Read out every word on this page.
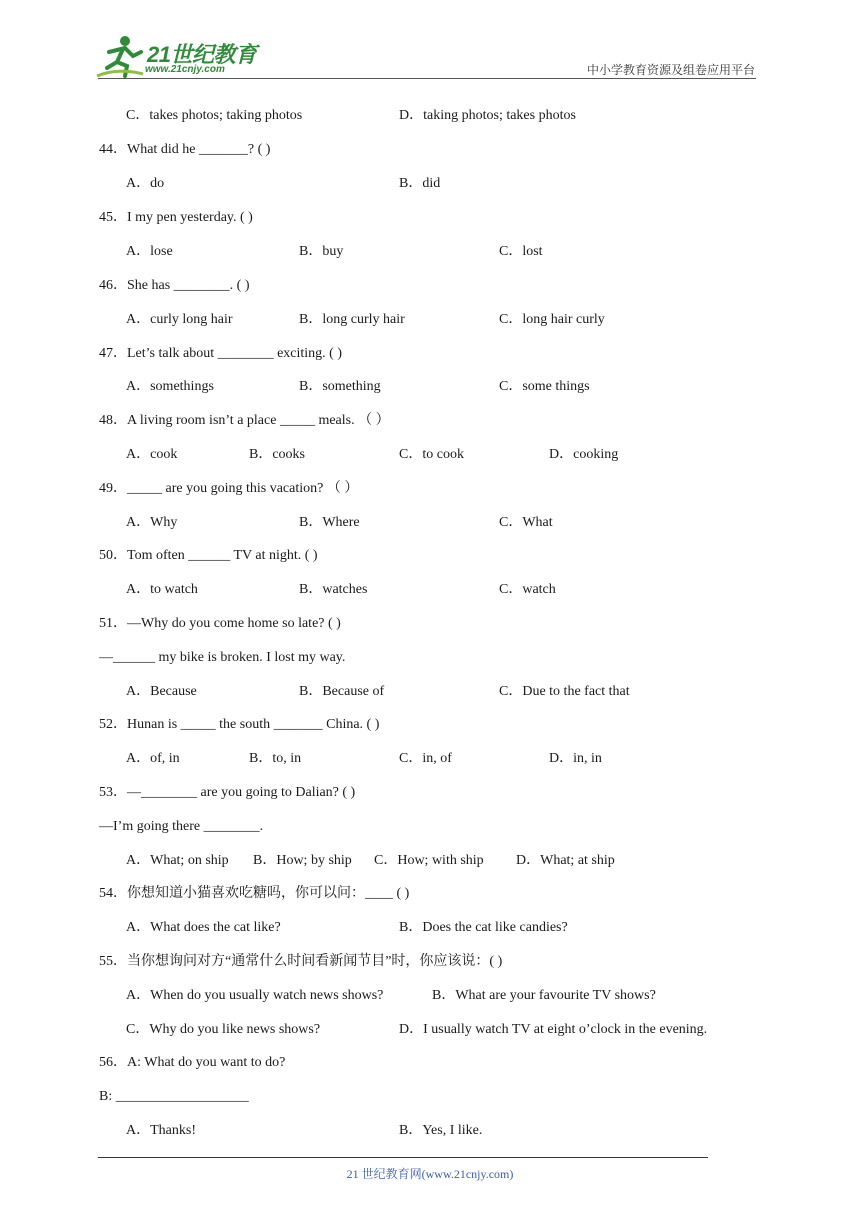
21世纪教育
www.21cnjy.com	中小学教育资源及组卷应用平台
C．takes photos; taking photos	D．taking photos; takes photos
44．What did he _______? ( )
A．do	B．did
45．I my pen yesterday. ( )
A．lose	B．buy	C．lost
46．She has ________. ( )
A．curly long hair	B．long curly hair	C．long hair curly
47．Let’s talk about ________ exciting. ( )
A．somethings	B．something	C．some things
48．A living room isn’t a place _____ meals. （ ）
A．cook	B．cooks	C．to cook	D．cooking
49．_____ are you going this vacation? （ ）
A．Why	B．Where	C．What
50．Tom often ______ TV at night. ( )
A．to watch	B．watches	C．watch
51．—Why do you come home so late? ( )
—______ my bike is broken. I lost my way.
A．Because	B．Because of	C．Due to the fact that
52．Hunan is _____ the south _______ China. ( )
A．of, in	B．to, in	C．in, of	D．in, in
53．—________ are you going to Dalian? ( )
—I’m going there ________.
A．What; on ship B．How; by ship C．How; with ship D．What; at ship
54．你想知道小猫喜欢吃糖吗，你可以问：____ ( )
A．What does the cat like?	B．Does the cat like candies?
55．当你想询问对方“通常什么时间看新闻节目”时，你应该说：( )
A．When do you usually watch news shows?	B．What are your favourite TV shows?
C．Why do you like news shows?	D．I usually watch TV at eight o’clock in the evening.
56．A: What do you want to do?
B: ___________________
A．Thanks!	B．Yes, I like.
21 世纪教育网(www.21cnjy.com)
